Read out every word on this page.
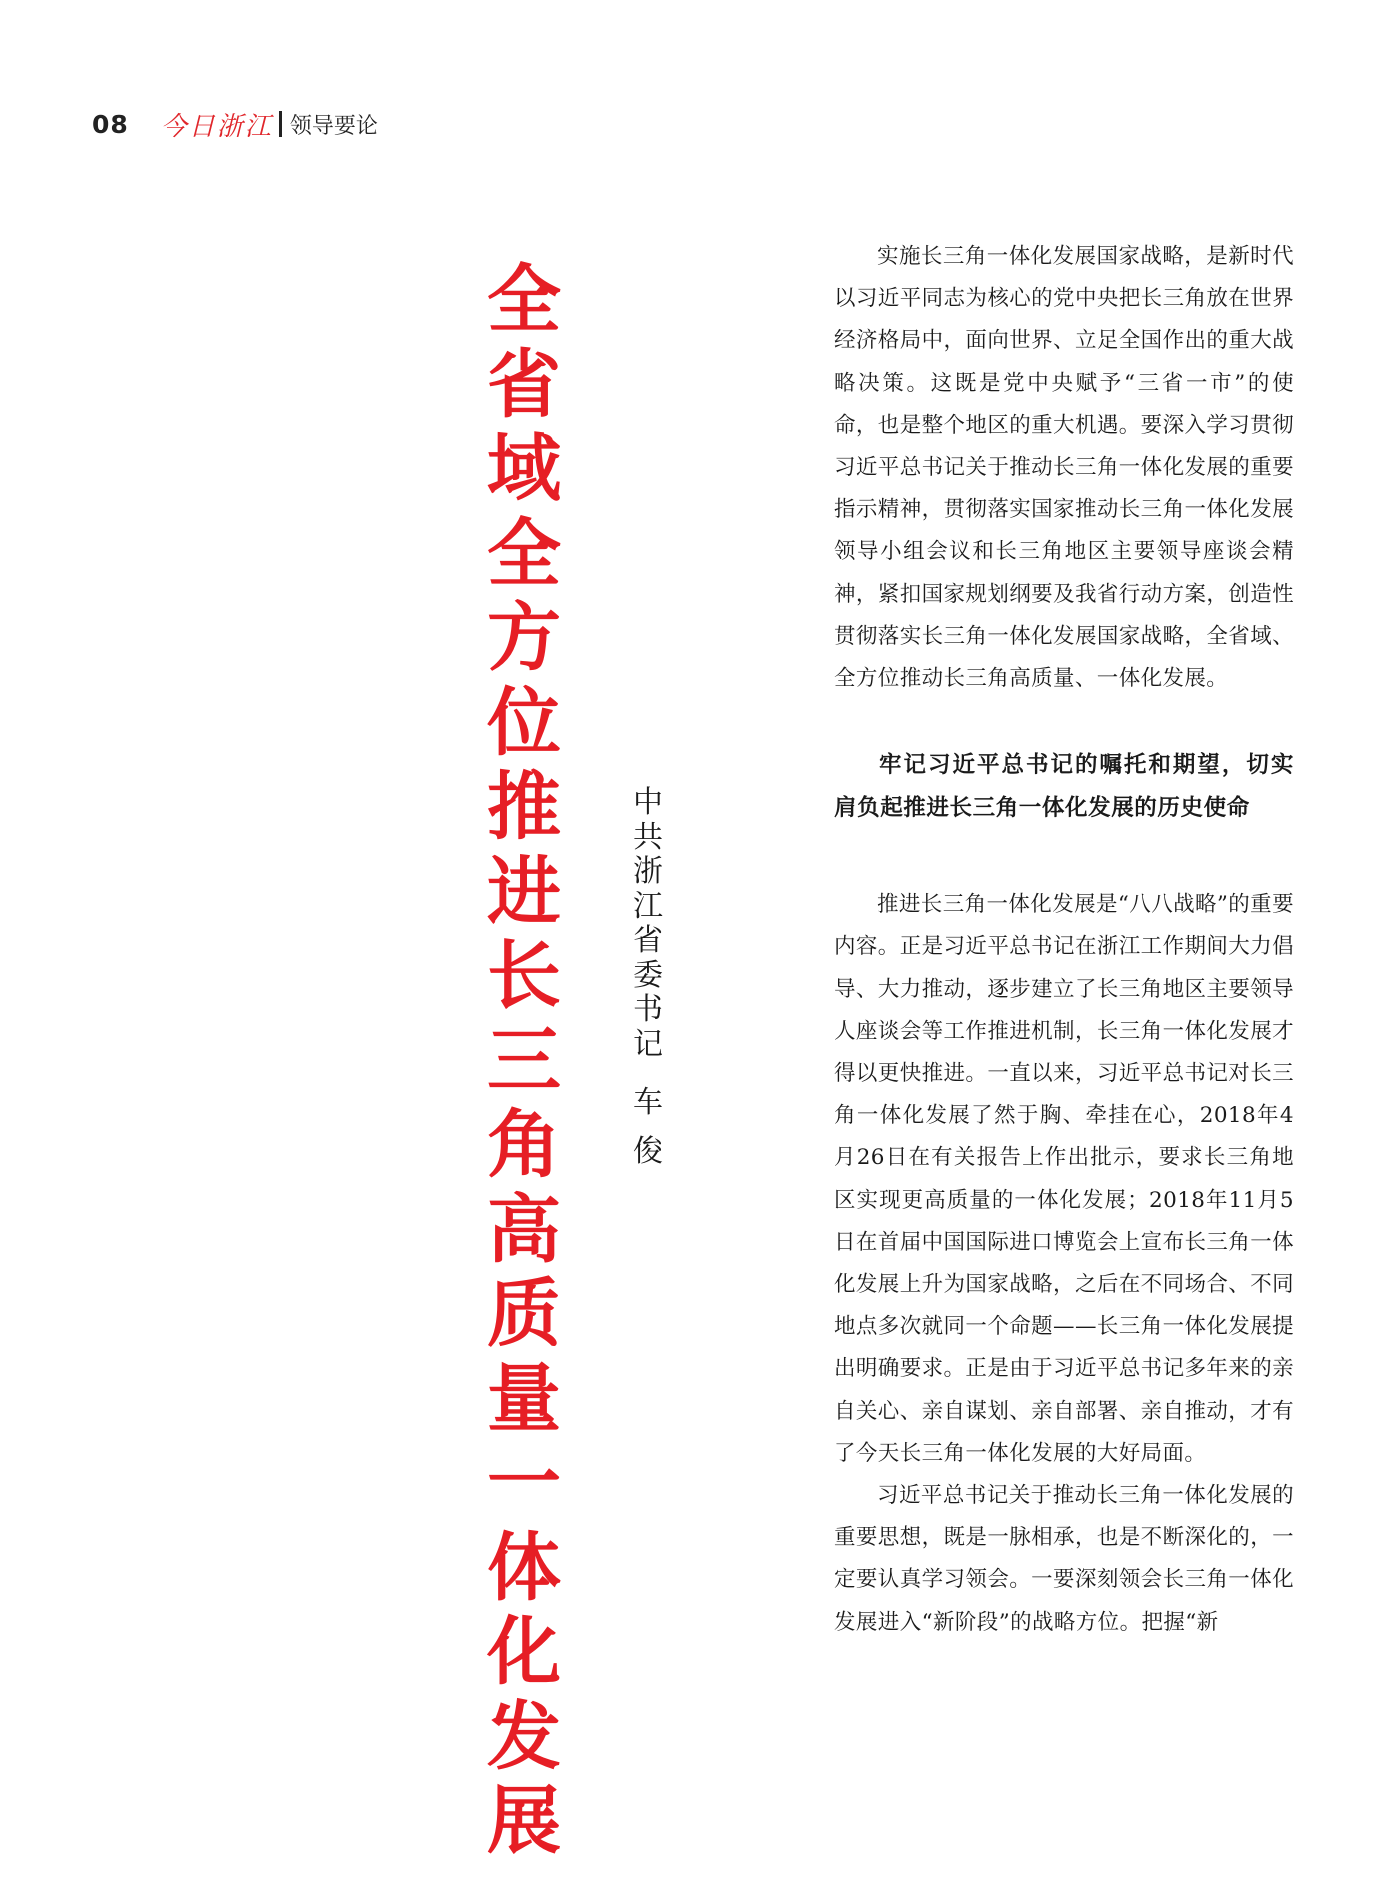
08 今日浙江 领导要论
全省域全方位推进长三角高质量一体化发展
中共浙江省委书记
车
俊

实施长三角一体化发展国家战略，是新时代以习近平同志为核心的党中央把长三角放在世界经济格局中，面向世界、立足全国作出的重大战略决策。这既是党中央赋予“三省一市”的使命，也是整个地区的重大机遇。要深入学习贯彻习近平总书记关于推动长三角一体化发展的重要指示精神，贯彻落实国家推动长三角一体化发展领导小组会议和长三角地区主要领导座谈会精神，紧扣国家规划纲要及我省行动方案，创造性贯彻落实长三角一体化发展国家战略，全省域、全方位推动长三角高质量、一体化发展。

牢记习近平总书记的嘱托和期望，切实肩负起推进长三角一体化发展的历史使命

推进长三角一体化发展是“八八战略”的重要内容。正是习近平总书记在浙江工作期间大力倡导、大力推动，逐步建立了长三角地区主要领导人座谈会等工作推进机制，长三角一体化发展才得以更快推进。一直以来，习近平总书记对长三角一体化发展了然于胸、牵挂在心，2018年4月26日在有关报告上作出批示，要求长三角地区实现更高质量的一体化发展；2018年11月5日在首届中国国际进口博览会上宣布长三角一体化发展上升为国家战略，之后在不同场合、不同地点多次就同一个命题——长三角一体化发展提出明确要求。正是由于习近平总书记多年来的亲自关心、亲自谋划、亲自部署、亲自推动，才有了今天长三角一体化发展的大好局面。

习近平总书记关于推动长三角一体化发展的重要思想，既是一脉相承，也是不断深化的，一定要认真学习领会。一要深刻领会长三角一体化发展进入“新阶段”的战略方位。把握“新
